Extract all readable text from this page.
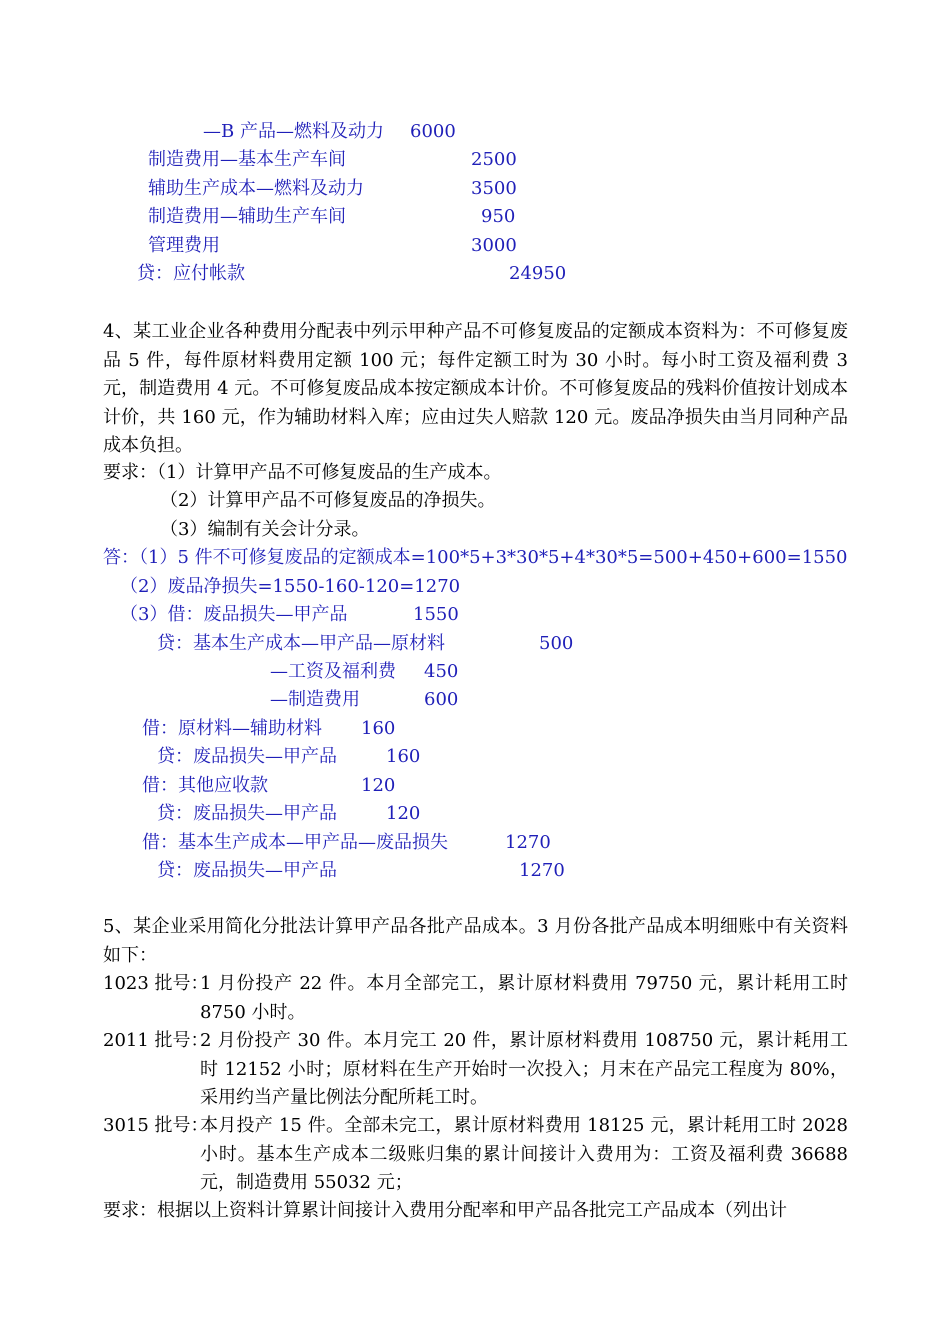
—B 产品—燃料及动力 6000
制造费用—基本生产车间	2500
辅助生产成本—燃料及动力	3500
制造费用—辅助生产车间	950
管理费用	3000
贷：应付帐款	24950
4、某工业企业各种费用分配表中列示甲种产品不可修复废品的定额成本资料为：不可修复废品 5 件，每件原材料费用定额 100 元；每件定额工时为 30 小时。每小时工资及福利费 3 元，制造费用 4 元。不可修复废品成本按定额成本计价。不可修复废品的残料价值按计划成本计价，共 160 元，作为辅助材料入库；应由过失人赔款 120 元。废品净损失由当月同种产品成本负担。
要求：（1）计算甲产品不可修复废品的生产成本。
（2）计算甲产品不可修复废品的净损失。
（3）编制有关会计分录。
答：（1）5 件不可修复废品的定额成本=100*5+3*30*5+4*30*5=500+450+600=1550
（2）废品净损失=1550-160-120=1270
（3）借：废品损失—甲产品	1550
贷：基本生产成本—甲产品—原材料	500
—工资及福利费 450
—制造费用	600
借：原材料—辅助材料 160
贷：废品损失—甲产品	160
借：其他应收款	120
贷：废品损失—甲产品	120
借：基本生产成本—甲产品—废品损失	1270
贷：废品损失—甲产品	1270
5、某企业采用简化分批法计算甲产品各批产品成本。3 月份各批产品成本明细账中有关资料如下：
1023 批号：
1 月份投产 22 件。本月全部完工，累计原材料费用 79750 元，累计耗用工时 8750 小时。
2011 批号：
2 月份投产 30 件。本月完工 20 件，累计原材料费用 108750 元，累计耗用工时 12152 小时；原材料在生产开始时一次投入；月末在产品完工程度为 80%，采用约当产量比例法分配所耗工时。
3015 批号：
本月投产 15 件。全部未完工，累计原材料费用 18125 元，累计耗用工时 2028 小时。基本生产成本二级账归集的累计间接计入费用为：工资及福利费 36688 元，制造费用 55032 元；
要求：根据以上资料计算累计间接计入费用分配率和甲产品各批完工产品成本（列出计
